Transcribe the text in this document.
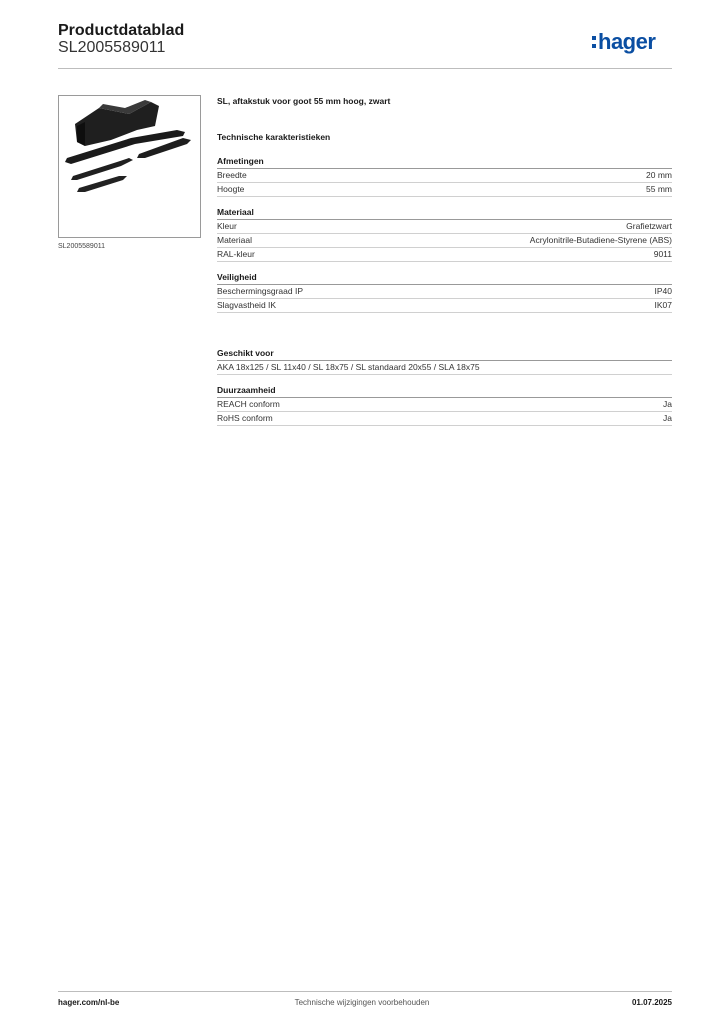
Productdatablad
SL2005589011	hager
SL2005589011
SL, aftakstuk voor goot 55 mm hoog, zwart
Technische karakteristieken
Afmetingen
Breedte	20 mm
Hoogte	55 mm
Materiaal
Kleur	Grafietzwart
Materiaal	Acrylonitrile-Butadiene-Styrene (ABS)
RAL-kleur	9011
Veiligheid
Beschermingsgraad IP	IP40
Slagvastheid IK	IK07
Geschikt voor
AKA 18x125 / SL 11x40 / SL 18x75 / SL standaard 20x55 / SLA 18x75
Duurzaamheid
REACH conform	Ja
RoHS conform	Ja
hager.com/nl-be	Technische wijzigingen voorbehouden	01.07.2025
